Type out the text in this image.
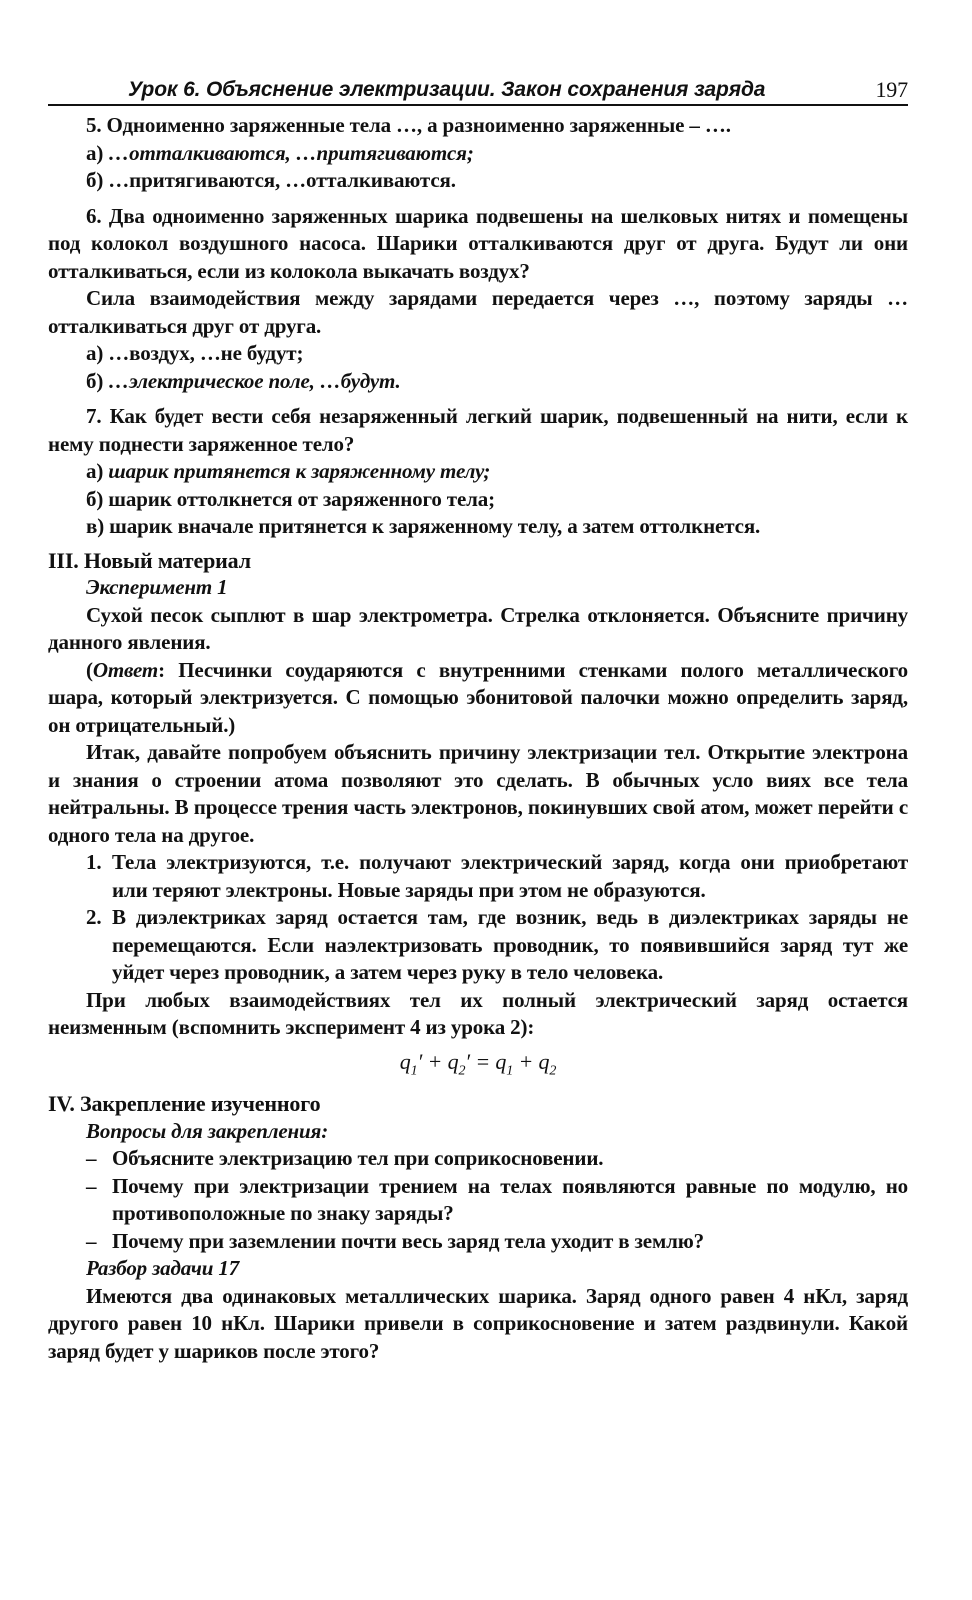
Урок 6. Объяснение электризации. Закон сохранения заряда	197

5. Одноименно заряженные тела …, а разноименно заряженные – ….

а) …отталкиваются, …притягиваются;

б) …притягиваются, …отталкиваются.

6. Два одноименно заряженных шарика подвешены на шелковых нитях и помещены под колокол воздушного насоса. Шарики отталкиваются друг от друга. Будут ли они отталкиваться, если из колокола выкачать воздух?

Сила взаимодействия между зарядами передается через …, поэтому заряды … отталкиваться друг от друга.

а) …воздух, …не будут;

б) …электрическое поле, …будут.

7. Как будет вести себя незаряженный легкий шарик, подвешенный на нити, если к нему поднести заряженное тело?

а) шарик притянется к заряженному телу;

б) шарик оттолкнется от заряженного тела;

в) шарик вначале притянется к заряженному телу, а затем оттолкнется.

III. Новый материал

Эксперимент 1

Сухой песок сыплют в шар электрометра. Стрелка отклоняется. Объясните причину данного явления.

(Ответ: Песчинки соударяются с внутренними стенками полого металлического шара, который электризуется. С помощью эбонитовой палочки можно определить заряд, он отрицательный.)

Итак, давайте попробуем объяснить причину электризации тел. Открытие электрона и знания о строении атома позволяют это сделать. В обычных усло виях все тела нейтральны. В процессе трения часть электронов, покинувших свой атом, может перейти с одного тела на другое.

1. Тела электризуются, т.е. получают электрический заряд, когда они приобретают или теряют электроны. Новые заряды при этом не образуются.
2. В диэлектриках заряд остается там, где возник, ведь в диэлектриках заряды не перемещаются. Если наэлектризовать проводник, то появившийся заряд тут же уйдет через проводник, а затем через руку в тело человека.

При любых взаимодействиях тел их полный электрический заряд остается неизменным (вспомнить эксперимент 4 из урока 2):

$q_1' + q_2' = q_1 + q_2$

IV. Закрепление изученного

Вопросы для закрепления:

– Объясните электризацию тел при соприкосновении.
– Почему при электризации трением на телах появляются равные по модулю, но противоположные по знаку заряды?
– Почему при заземлении почти весь заряд тела уходит в землю?

Разбор задачи 17

Имеются два одинаковых металлических шарика. Заряд одного равен 4 нКл, заряд другого равен 10 нКл. Шарики привели в соприкосновение и затем раздвинули. Какой заряд будет у шариков после этого?
